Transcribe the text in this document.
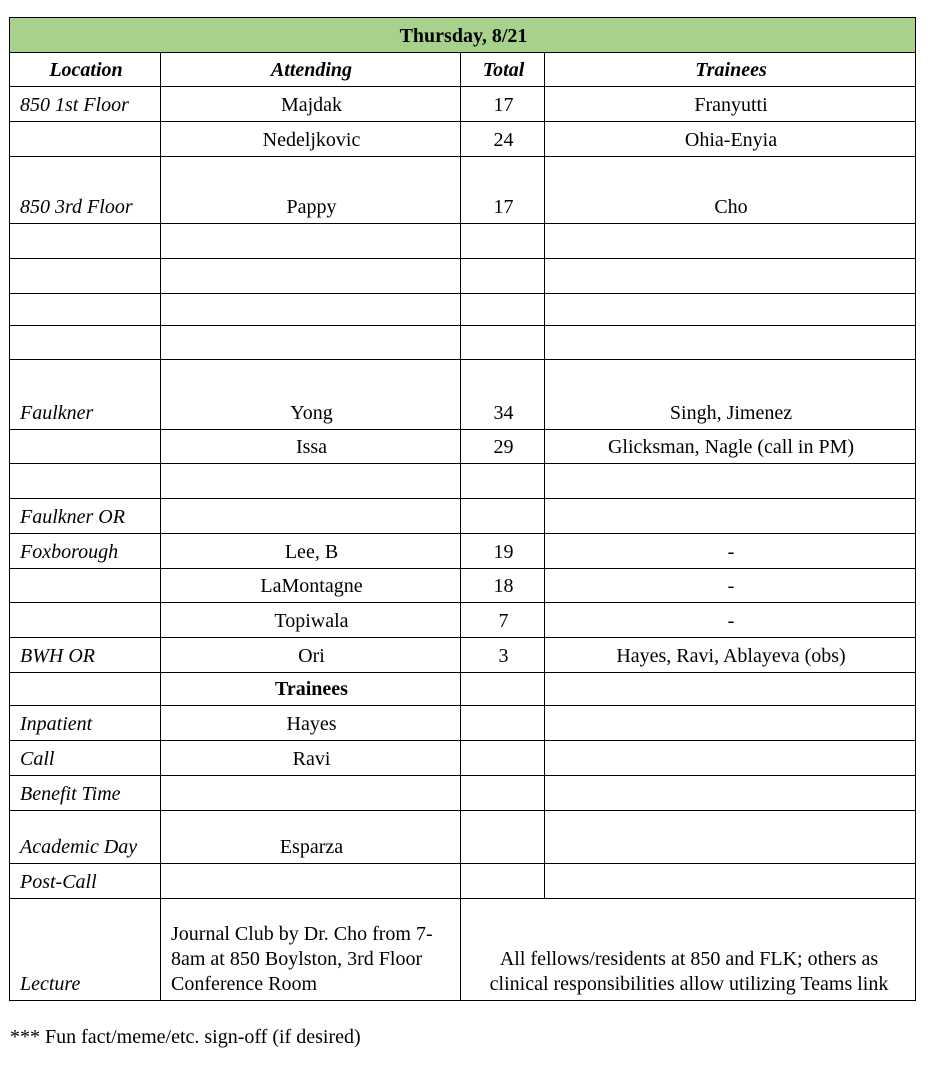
Thursday, 8/21			
Location	Attending	Total	Trainees
850 1st Floor	Majdak	17	Franyutti
	Nedeljkovic	24	Ohia-Enyia
850 3rd Floor	Pappy	17	Cho

Faulkner	Yong	34	Singh, Jimenez
	Issa	29	Glicksman, Nagle (call in PM)

Faulkner OR			
Foxborough	Lee, B	19	-
	LaMontagne	18	-
	Topiwala	7	-
BWH OR	Ori	3	Hayes, Ravi, Ablayeva (obs)
	Trainees		
Inpatient	Hayes		
Call	Ravi		
Benefit Time			
Academic Day	Esparza		
Post-Call			
Lecture	Journal Club by Dr. Cho from 7-8am at 850 Boylston, 3rd Floor Conference Room	All fellows/residents at 850 and FLK; others as clinical responsibilities allow utilizing Teams link	
*** Fun fact/meme/etc. sign-off (if desired)
